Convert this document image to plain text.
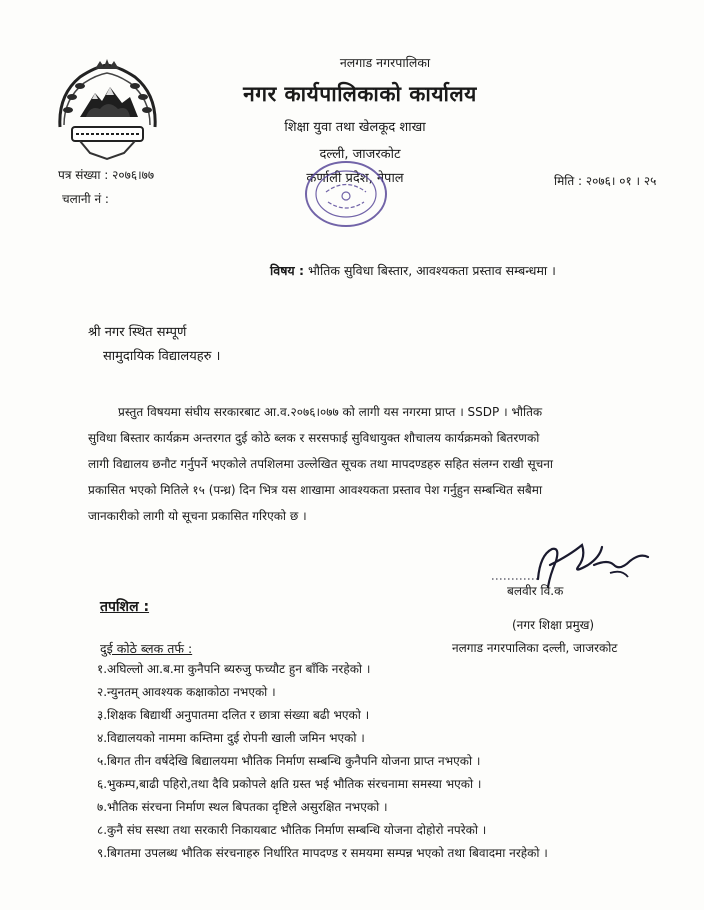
नलगाड नगरपालिका
नगर कार्यपालिकाको कार्यालय
शिक्षा युवा तथा खेलकूद शाखा
दल्ली, जाजरकोट
कर्णाली प्रदेश, नेपाल
पत्र संख्या : २०७६।७७
चलानी नं :
मिति : २०७६। ०१ । २५
विषय : भौतिक सुविधा बिस्तार, आवश्यकता प्रस्ताव सम्बन्धमा ।
श्री नगर स्थित सम्पूर्ण
सामुदायिक विद्यालयहरु ।
प्रस्तुत विषयमा संघीय सरकारबाट आ.व.२०७६।०७७ को लागी यस नगरमा प्राप्त । SSDP । भौतिक
सुविधा बिस्तार कार्यक्रम अन्तरगत दुई कोठे ब्लक र सरसफाई सुविधायुक्त शौचालय कार्यक्रमको बितरणको
लागी विद्यालय छनौट गर्नुपर्ने भएकोले तपशिलमा उल्लेखित सूचक तथा मापदण्डहरु सहित संलग्न राखी सूचना
प्रकासित भएको मितिले १५ (पन्ध्र) दिन भित्र यस शाखामा आवश्यकता प्रस्ताव पेश गर्नुहुन सम्बन्धित सबैमा
जानकारीको लागी यो सूचना प्रकासित गरिएकाे छ ।
बलवीर वि.क
(नगर शिक्षा प्रमुख)
नलगाड नगरपालिका दल्ली, जाजरकोट
तपशिल :
दुई कोठे ब्लक तर्फ :
१.अघिल्लो आ.ब.मा कुनैपनि ब्यरुजु फच्यौट हुन बाँकि नरहेको ।
२.न्युनतम् आवश्यक कक्षाकोठा नभएको ।
३.शिक्षक बिद्यार्थी अनुपातमा दलित र छात्रा संख्या बढी भएको ।
४.विद्यालयको नाममा कम्तिमा दुई रोपनी खाली जमिन भएको ।
५.बिगत तीन वर्षदेखि बिद्यालयमा भौतिक निर्माण सम्बन्धि कुनैपनि योजना प्राप्त नभएको ।
६.भुकम्प,बाढी पहिरो,तथा दैवि प्रकोपले क्षति ग्रस्त भई भौतिक संरचनामा समस्या भएको ।
७.भौतिक संरचना निर्माण स्थल बिपतका दृष्टिले असुरक्षित नभएको ।
८.कुनै संघ सस्था तथा सरकारी निकायबाट भौतिक निर्माण सम्बन्धि योजना दोहोरो नपरेको ।
९.बिगतमा उपलब्ध भौतिक संरचनाहरु निर्धारित मापदण्ड र समयमा सम्पन्न भएको तथा बिवादमा नरहेको ।
